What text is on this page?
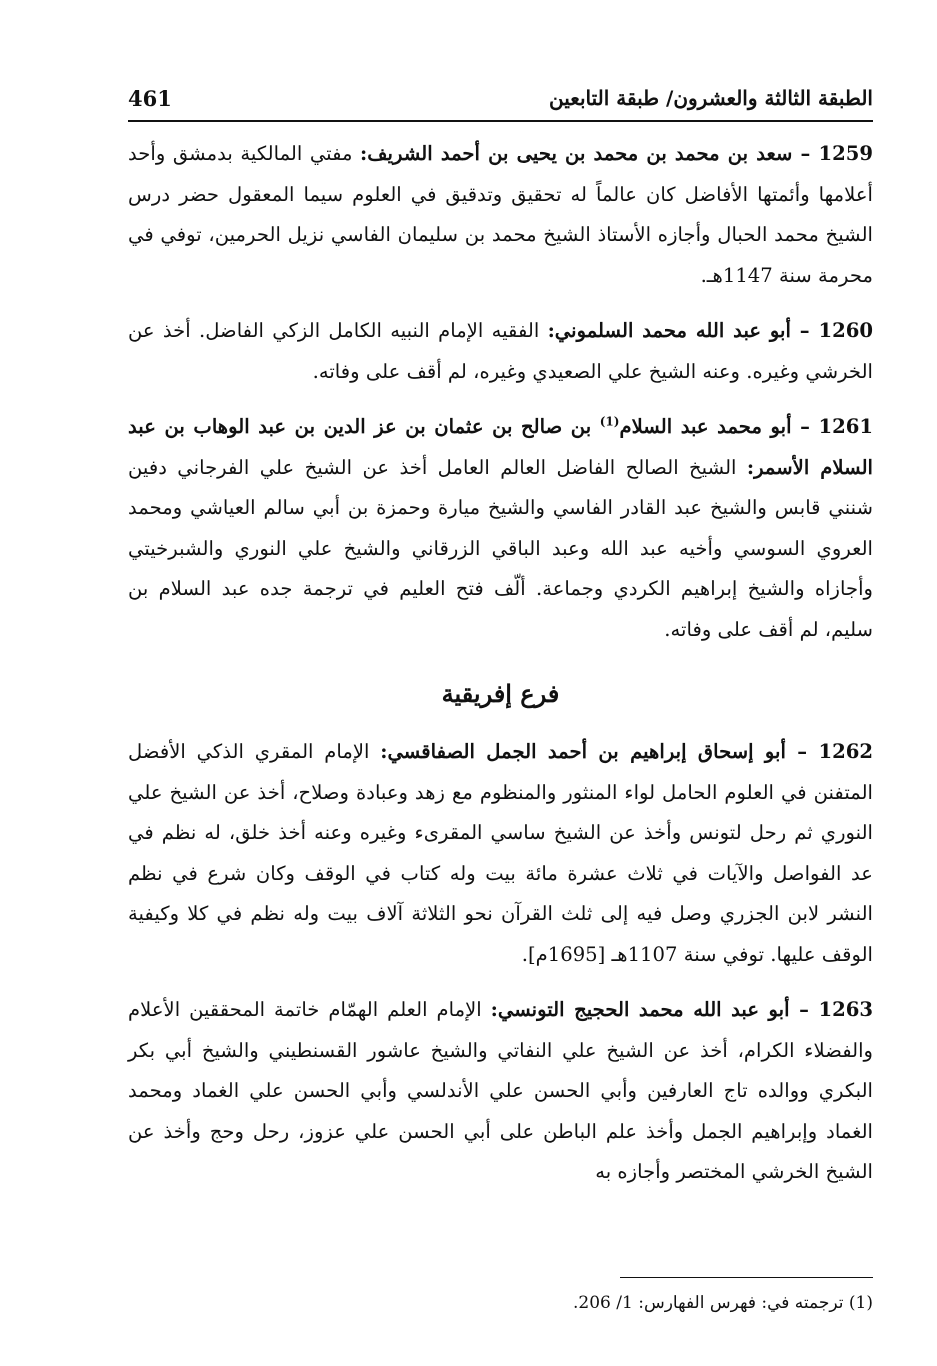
الطبقة الثالثة والعشرون/ طبقة التابعين
461

1259 – سعد بن محمد بن محمد بن يحيى بن أحمد الشريف: مفتي المالكية بدمشق وأحد أعلامها وأئمتها الأفاضل كان عالماً له تحقيق وتدقيق في العلوم سيما المعقول حضر درس الشيخ محمد الحبال وأجازه الأستاذ الشيخ محمد بن سليمان الفاسي نزيل الحرمين، توفي في محرمة سنة 1147هـ.

1260 – أبو عبد الله محمد السلموني: الفقيه الإمام النبيه الكامل الزكي الفاضل. أخذ عن الخرشي وغيره. وعنه الشيخ علي الصعيدي وغيره، لم أقف على وفاته.

1261 – أبو محمد عبد السلام$^{(1)}$ بن صالح بن عثمان بن عز الدين بن عبد الوهاب بن عبد السلام الأسمر: الشيخ الصالح الفاضل العالم العامل أخذ عن الشيخ علي الفرجاني دفين شنني قابس والشيخ عبد القادر الفاسي والشيخ ميارة وحمزة بن أبي سالم العياشي ومحمد العروي السوسي وأخيه عبد الله وعبد الباقي الزرقاني والشيخ علي النوري والشبرخيتي وأجازاه والشيخ إبراهيم الكردي وجماعة. ألّف فتح العليم في ترجمة جده عبد السلام بن سليم، لم أقف على وفاته.

فرع إفريقية

1262 – أبو إسحاق إبراهيم بن أحمد الجمل الصفاقسي: الإمام المقري الذكي الأفضل المتفنن في العلوم الحامل لواء المنثور والمنظوم مع زهد وعبادة وصلاح، أخذ عن الشيخ علي النوري ثم رحل لتونس وأخذ عن الشيخ ساسي المقرىء وغيره وعنه أخذ خلق، له نظم في عد الفواصل والآيات في ثلاث عشرة مائة بيت وله كتاب في الوقف وكان شرع في نظم النشر لابن الجزري وصل فيه إلى ثلث القرآن نحو الثلاثة آلاف بيت وله نظم في كلا وكيفية الوقف عليها. توفي سنة 1107هـ [1695م].

1263 – أبو عبد الله محمد الحجيج التونسي: الإمام العلم الهمّام خاتمة المحققين الأعلام والفضلاء الكرام، أخذ عن الشيخ علي النفاتي والشيخ عاشور القسنطيني والشيخ أبي بكر البكري ووالده تاج العارفين وأبي الحسن علي الأندلسي وأبي الحسن علي الغماد ومحمد الغماد وإبراهيم الجمل وأخذ علم الباطن على أبي الحسن علي عزوز، رحل وحج وأخذ عن الشيخ الخرشي المختصر وأجازه به

(1) ترجمته في: فهرس الفهارس: 1/ 206.
